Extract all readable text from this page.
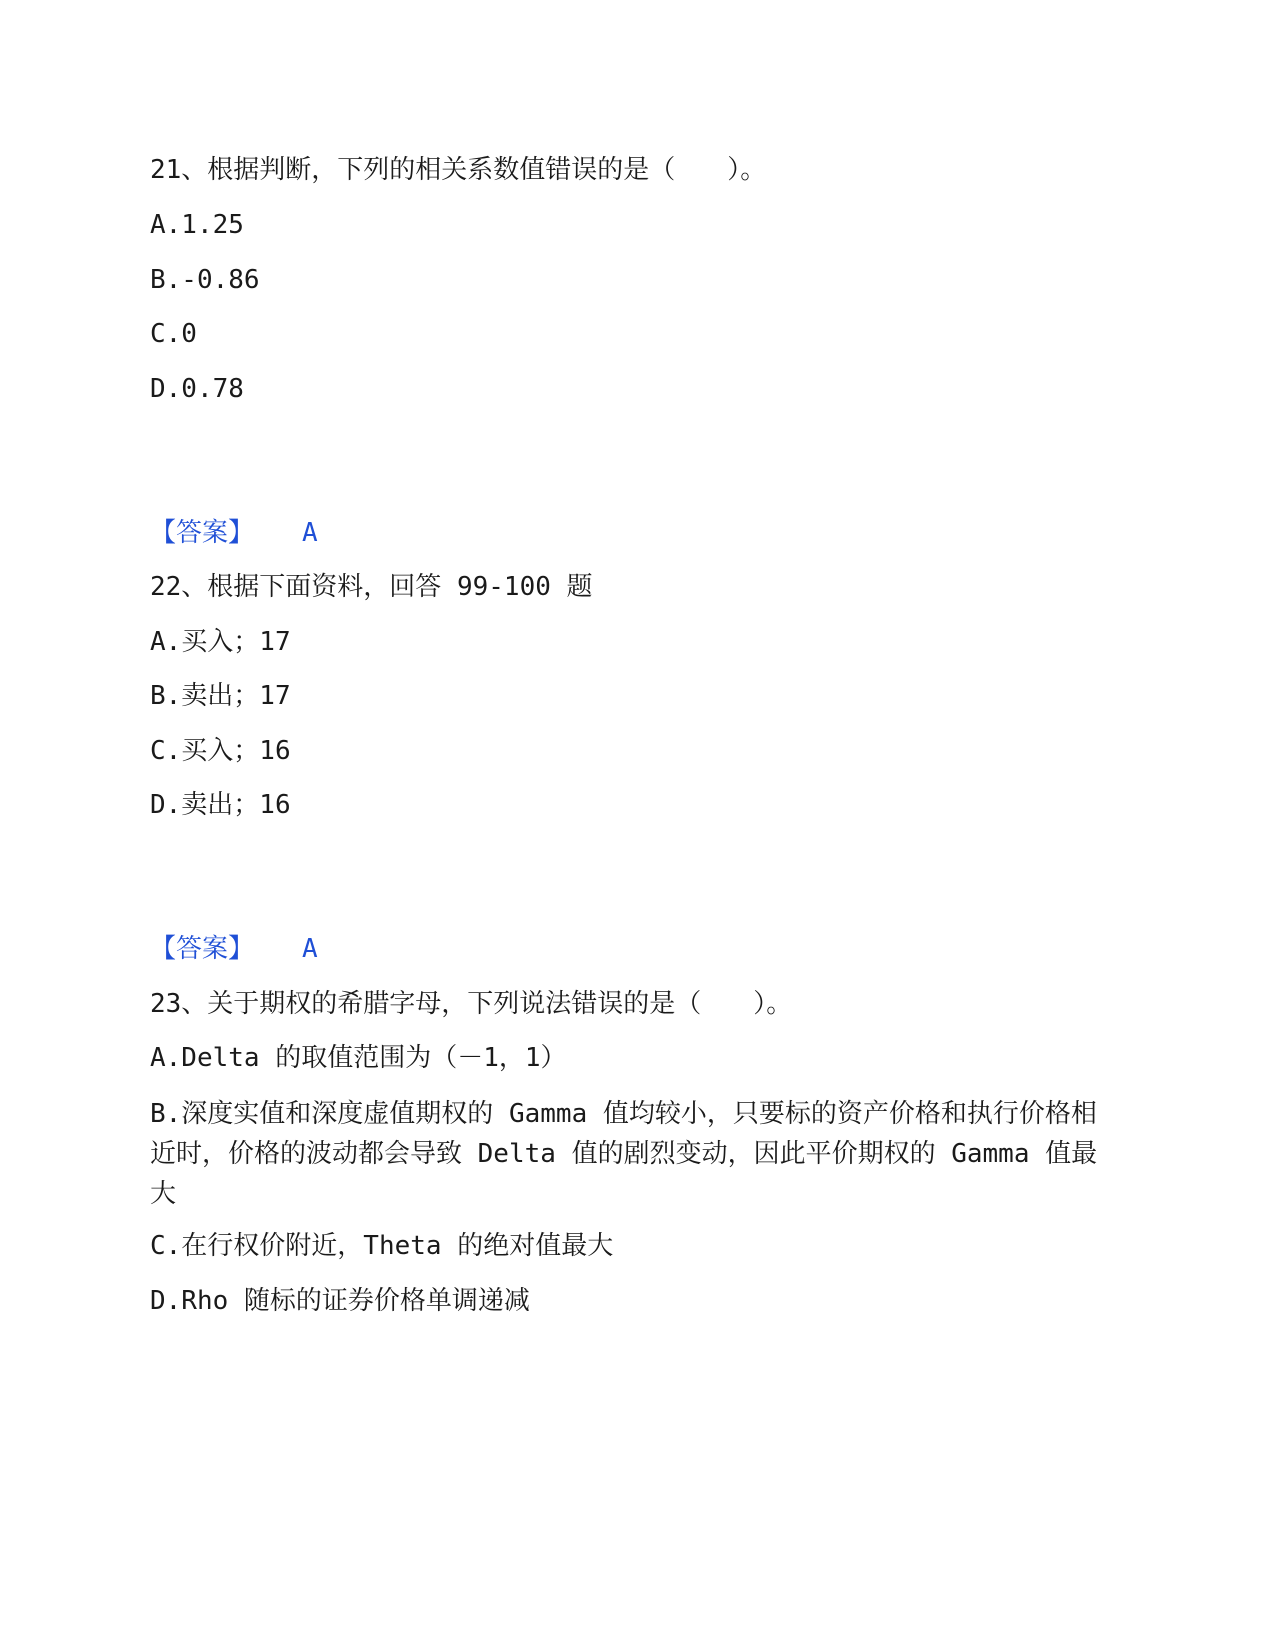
21、根据判断，下列的相关系数值错误的是（　　）。
A.1.25
B.-0.86
C.0
D.0.78
【答案】 A
22、根据下面资料，回答 99-100 题
A.买入；17
B.卖出；17
C.买入；16
D.卖出；16
【答案】 A
23、关于期权的希腊字母，下列说法错误的是（　　）。
A.Delta 的取值范围为（－1，1）
B.深度实值和深度虚值期权的 Gamma 值均较小，只要标的资产价格和执行价格相近时，价格的波动都会导致 Delta 值的剧烈变动，因此平价期权的 Gamma 值最大
C.在行权价附近，Theta 的绝对值最大
D.Rho 随标的证券价格单调递减
